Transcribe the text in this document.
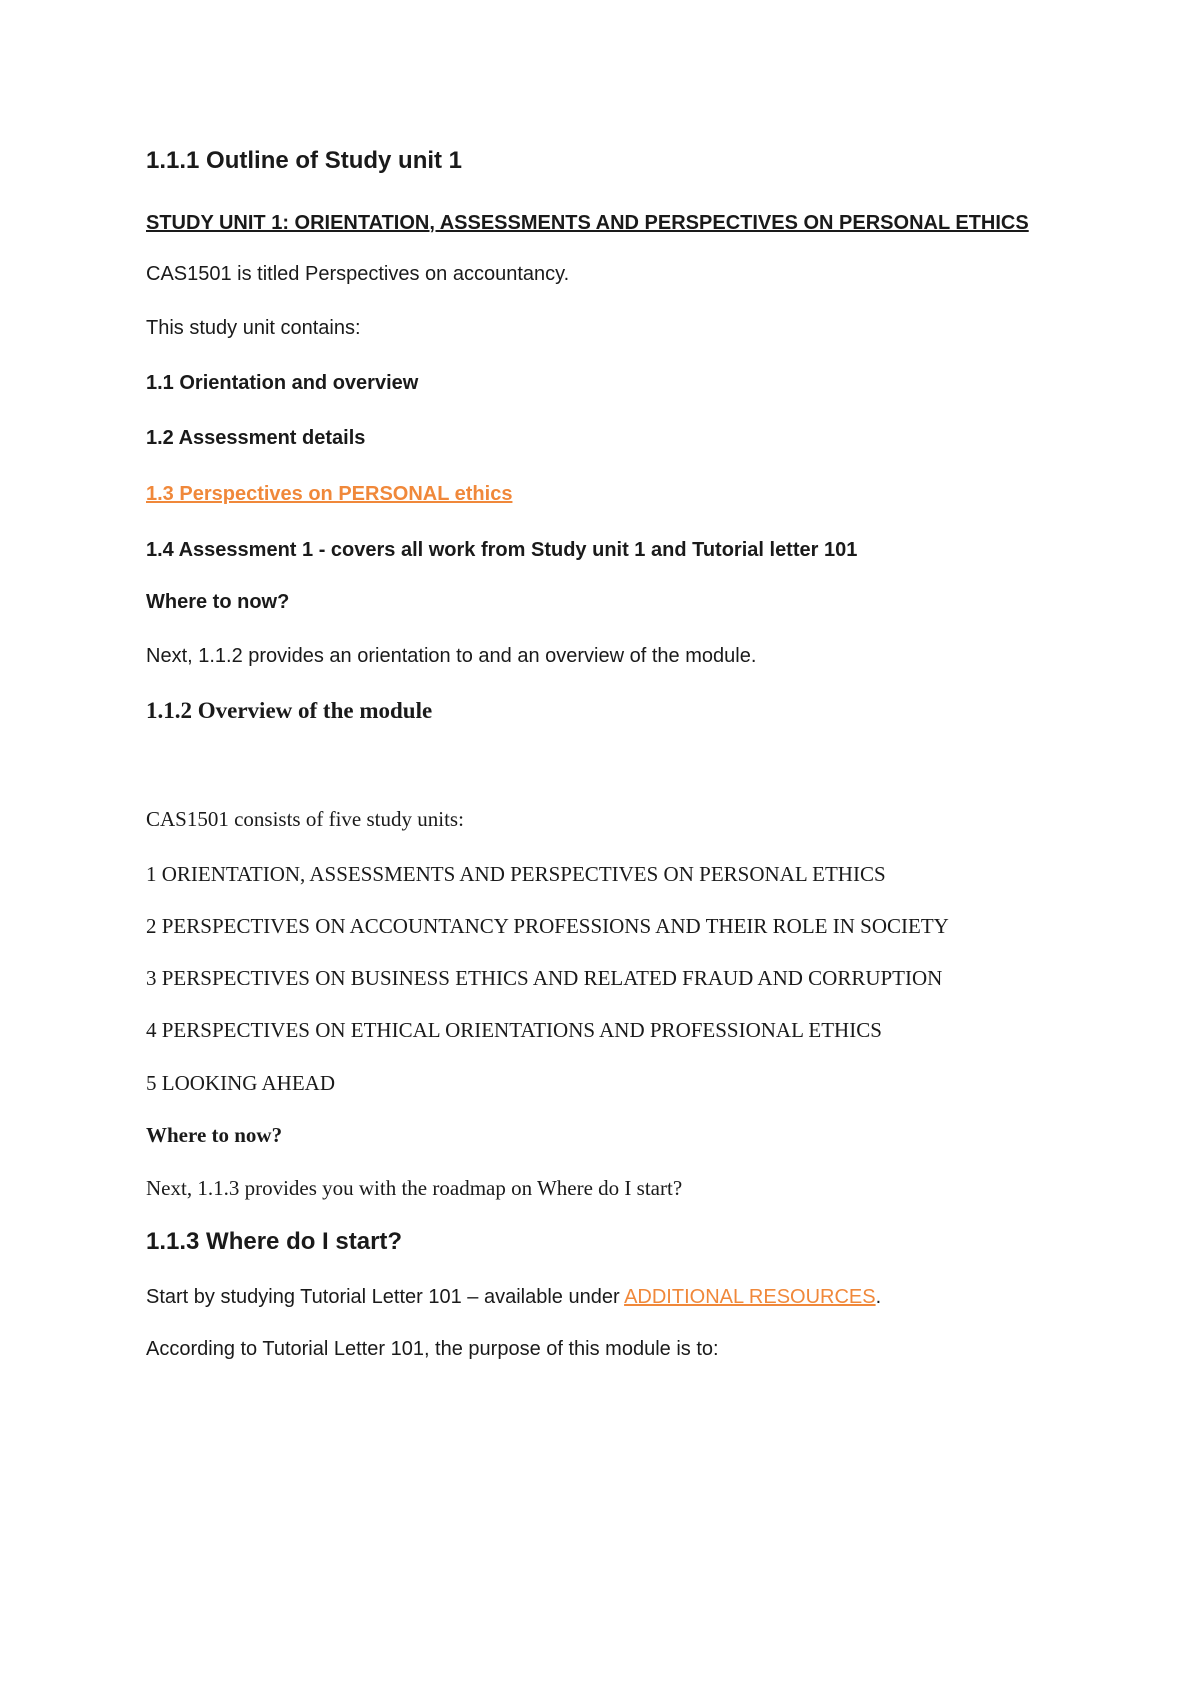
1.1.1 Outline of Study unit 1

STUDY UNIT 1: ORIENTATION, ASSESSMENTS AND PERSPECTIVES ON PERSONAL ETHICS

CAS1501 is titled Perspectives on accountancy.

This study unit contains:

1.1 Orientation and overview

1.2 Assessment details

1.3 Perspectives on PERSONAL ethics

1.4 Assessment 1 - covers all work from Study unit 1 and Tutorial letter 101

Where to now?

Next, 1.1.2 provides an orientation to and an overview of the module.

1.1.2 Overview of the module

CAS1501 consists of five study units:

1 ORIENTATION, ASSESSMENTS AND PERSPECTIVES ON PERSONAL ETHICS

2 PERSPECTIVES ON ACCOUNTANCY PROFESSIONS AND THEIR ROLE IN SOCIETY

3 PERSPECTIVES ON BUSINESS ETHICS AND RELATED FRAUD AND CORRUPTION

4 PERSPECTIVES ON ETHICAL ORIENTATIONS AND PROFESSIONAL ETHICS

5 LOOKING AHEAD

Where to now?

Next, 1.1.3 provides you with the roadmap on Where do I start?

1.1.3 Where do I start?

Start by studying Tutorial Letter 101 – available under ADDITIONAL RESOURCES.

According to Tutorial Letter 101, the purpose of this module is to:
